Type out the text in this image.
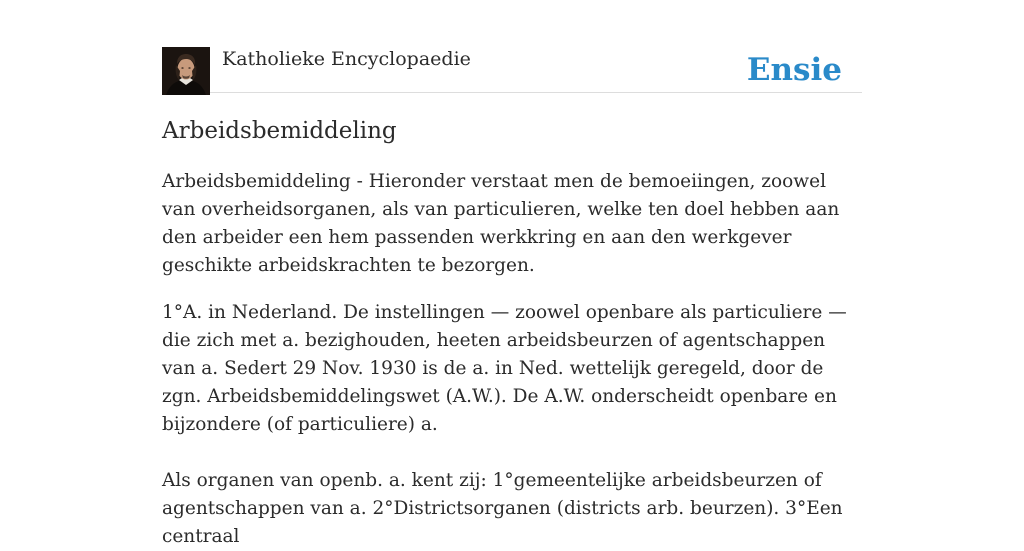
Katholieke Encyclopaedie	Ensie
Arbeidsbemiddeling

Arbeidsbemiddeling - Hieronder verstaat men de bemoeiingen, zoowel van overheidsorganen, als van particulieren, welke ten doel hebben aan den arbeider een hem passenden werkkring en aan den werkgever geschikte arbeidskrachten te bezorgen.

1°A. in Nederland. De instellingen — zoowel openbare als particuliere — die zich met a. bezighouden, heeten arbeidsbeurzen of agentschappen van a. Sedert 29 Nov. 1930 is de a. in Ned. wettelijk geregeld, door de zgn. Arbeidsbemiddelingswet (A.W.). De A.W. onderscheidt openbare en bijzondere (of particuliere) a.

Als organen van openb. a. kent zij: 1°gemeentelijke arbeidsbeurzen of agentschappen van a. 2°Districtsorganen (districts arb. beurzen). 3°Een centraal
